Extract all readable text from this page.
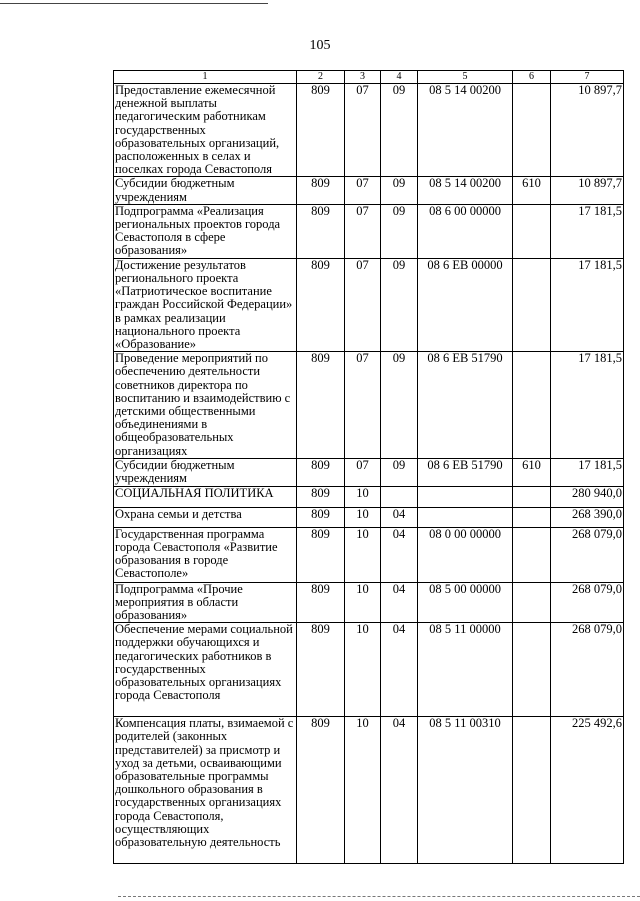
105
1	2	3	4	5	6	7
Предоставление ежемесячной денежной выплаты педагогическим работникам государственных образовательных организаций, расположенных в селах и поселках города Севастополя	809	07	09	08 5 14 00200		10 897,7
Субсидии бюджетным учреждениям	809	07	09	08 5 14 00200	610	10 897,7
Подпрограмма «Реализация региональных проектов города Севастополя в сфере образования»	809	07	09	08 6 00 00000		17 181,5
Достижение результатов регионального проекта «Патриотическое воспитание граждан Российской Федерации» в рамках реализации национального проекта «Образование»	809	07	09	08 6 EB 00000		17 181,5
Проведение мероприятий по обеспечению деятельности советников директора по воспитанию и взаимодействию с детскими общественными объединениями в общеобразовательных организациях	809	07	09	08 6 EB 51790		17 181,5
Субсидии бюджетным учреждениям	809	07	09	08 6 EB 51790	610	17 181,5
СОЦИАЛЬНАЯ ПОЛИТИКА	809	10				280 940,0
Охрана семьи и детства	809	10	04			268 390,0
Государственная программа города Севастополя «Развитие образования в городе Севастополе»	809	10	04	08 0 00 00000		268 079,0
Подпрограмма «Прочие мероприятия в области образования»	809	10	04	08 5 00 00000		268 079,0
Обеспечение мерами социальной поддержки обучающихся и педагогических работников в государственных образовательных организациях города Севастополя	809	10	04	08 5 11 00000		268 079,0
Компенсация платы, взимаемой с родителей (законных представителей) за присмотр и уход за детьми, осваивающими образовательные программы дошкольного образования в государственных организациях города Севастополя, осуществляющих образовательную деятельность	809	10	04	08 5 11 00310		225 492,6
